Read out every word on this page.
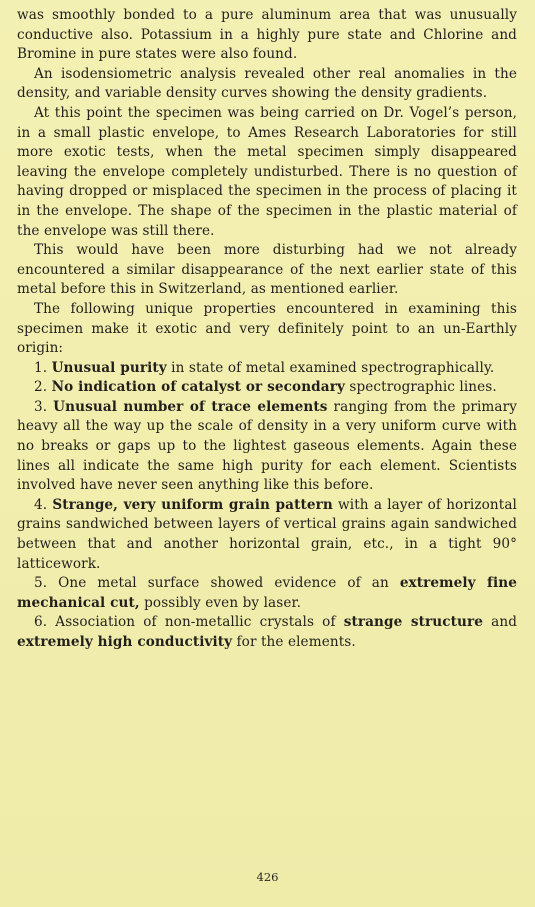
was smoothly bonded to a pure aluminum area that was unusually conductive also. Potassium in a highly pure state and Chlorine and Bromine in pure states were also found.

An isodensiometric analysis revealed other real anomalies in the density, and variable density curves showing the density gradients.

At this point the specimen was being carried on Dr. Vogel’s person, in a small plastic envelope, to Ames Research Laboratories for still more exotic tests, when the metal specimen simply disappeared leaving the envelope completely undisturbed. There is no question of having dropped or misplaced the specimen in the process of placing it in the envelope. The shape of the specimen in the plastic material of the envelope was still there.

This would have been more disturbing had we not already encountered a similar disappearance of the next earlier state of this metal before this in Switzerland, as mentioned earlier.

The following unique properties encountered in examining this specimen make it exotic and very definitely point to an un-Earthly origin:

1. Unusual purity in state of metal examined spectrographically.

2. No indication of catalyst or secondary spectrographic lines.

3. Unusual number of trace elements ranging from the primary heavy all the way up the scale of density in a very uniform curve with no breaks or gaps up to the lightest gaseous elements. Again these lines all indicate the same high purity for each element. Scientists involved have never seen anything like this before.

4. Strange, very uniform grain pattern with a layer of horizontal grains sandwiched between layers of vertical grains again sandwiched between that and another horizontal grain, etc., in a tight 90° latticework.

5. One metal surface showed evidence of an extremely fine mechanical cut, possibly even by laser.

6. Association of non-metallic crystals of strange structure and extremely high conductivity for the elements.

426
